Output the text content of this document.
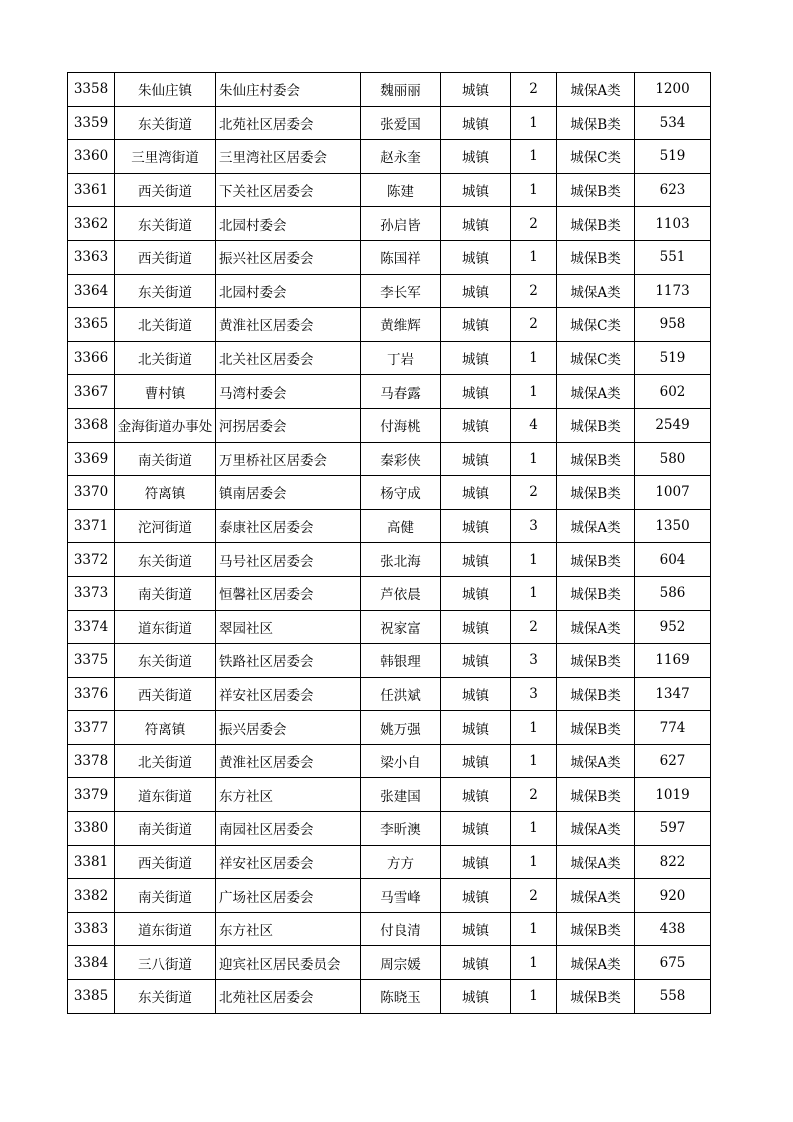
3358	朱仙庄镇	朱仙庄村委会	魏丽丽	城镇	2	城保A类	1200
3359	东关街道	北苑社区居委会	张爱国	城镇	1	城保B类	534
3360	三里湾街道	三里湾社区居委会	赵永奎	城镇	1	城保C类	519
3361	西关街道	下关社区居委会	陈建	城镇	1	城保B类	623
3362	东关街道	北园村委会	孙启皆	城镇	2	城保B类	1103
3363	西关街道	振兴社区居委会	陈国祥	城镇	1	城保B类	551
3364	东关街道	北园村委会	李长军	城镇	2	城保A类	1173
3365	北关街道	黄淮社区居委会	黄维辉	城镇	2	城保C类	958
3366	北关街道	北关社区居委会	丁岩	城镇	1	城保C类	519
3367	曹村镇	马湾村委会	马春露	城镇	1	城保A类	602
3368	金海街道办事处	河拐居委会	付海桃	城镇	4	城保B类	2549
3369	南关街道	万里桥社区居委会	秦彩侠	城镇	1	城保B类	580
3370	符离镇	镇南居委会	杨守成	城镇	2	城保B类	1007
3371	沱河街道	泰康社区居委会	高健	城镇	3	城保A类	1350
3372	东关街道	马号社区居委会	张北海	城镇	1	城保B类	604
3373	南关街道	恒馨社区居委会	芦依晨	城镇	1	城保B类	586
3374	道东街道	翠园社区	祝家富	城镇	2	城保A类	952
3375	东关街道	铁路社区居委会	韩银理	城镇	3	城保B类	1169
3376	西关街道	祥安社区居委会	任洪斌	城镇	3	城保B类	1347
3377	符离镇	振兴居委会	姚万强	城镇	1	城保B类	774
3378	北关街道	黄淮社区居委会	梁小自	城镇	1	城保A类	627
3379	道东街道	东方社区	张建国	城镇	2	城保B类	1019
3380	南关街道	南园社区居委会	李昕澳	城镇	1	城保A类	597
3381	西关街道	祥安社区居委会	方方	城镇	1	城保A类	822
3382	南关街道	广场社区居委会	马雪峰	城镇	2	城保A类	920
3383	道东街道	东方社区	付良清	城镇	1	城保B类	438
3384	三八街道	迎宾社区居民委员会	周宗媛	城镇	1	城保A类	675
3385	东关街道	北苑社区居委会	陈晓玉	城镇	1	城保B类	558
